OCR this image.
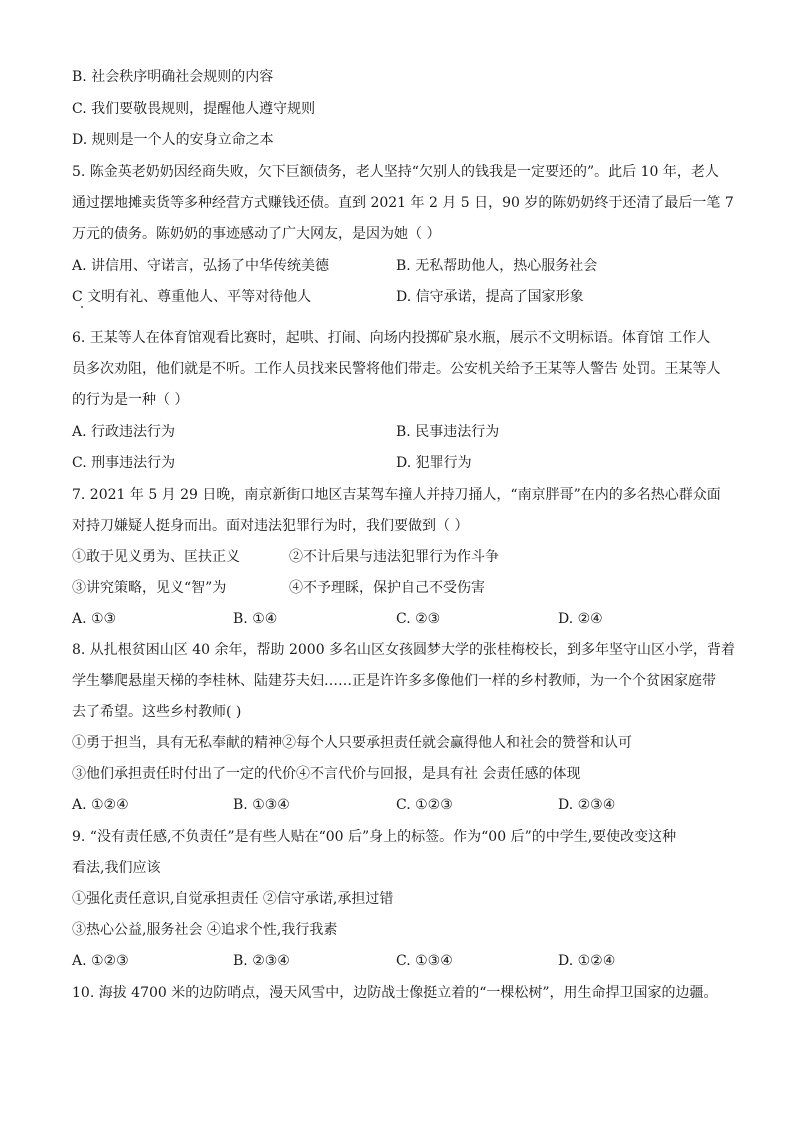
B. 社会秩序明确社会规则的内容
C. 我们要敬畏规则，提醒他人遵守规则
D. 规则是一个人的安身立命之本
5. 陈金英老奶奶因经商失败，欠下巨额债务，老人坚持“欠别人的钱我是一定要还的”。此后 10 年，老人
通过摆地摊卖货等多种经营方式赚钱还债。直到 2021 年 2 月 5 日，90 岁的陈奶奶终于还清了最后一笔 7
万元的债务。陈奶奶的事迹感动了广大网友，是因为她（ ）
A. 讲信用、守诺言，弘扬了中华传统美德	B. 无私帮助他人，热心服务社会
C 文明有礼、尊重他人、平等对待他人	D. 信守承诺，提高了国家形象
6. 王某等人在体育馆观看比赛时，起哄、打闹、向场内投掷矿泉水瓶，展示不文明标语。体育馆 工作人
员多次劝阻，他们就是不听。工作人员找来民警将他们带走。公安机关给予王某等人警告 处罚。王某等人
的行为是一种（ ）
A. 行政违法行为	B. 民事违法行为
C. 刑事违法行为	D. 犯罪行为
7. 2021 年 5 月 29 日晚，南京新街口地区吉某驾车撞人并持刀捅人，“南京胖哥”在内的多名热心群众面
对持刀嫌疑人挺身而出。面对违法犯罪行为时，我们要做到（ ）
①敢于见义勇为、匡扶正义	②不计后果与违法犯罪行为作斗争
③讲究策略，见义“智”为	④不予理睬，保护自己不受伤害
A. ①③	B. ①④	C. ②③	D. ②④
8. 从扎根贫困山区 40 余年，帮助 2000 多名山区女孩圆梦大学的张桂梅校长，到多年坚守山区小学，背着
学生攀爬悬崖天梯的李桂林、陆建芬夫妇……正是许许多多像他们一样的乡村教师，为一个个贫困家庭带
去了希望。这些乡村教师( )
①勇于担当，具有无私奉献的精神②每个人只要承担责任就会赢得他人和社会的赞誉和认可
③他们承担责任时付出了一定的代价④不言代价与回报，是具有社 会责任感的体现
A. ①②④	B. ①③④	C. ①②③	D. ②③④
9. “没有责任感,不负责任”是有些人贴在“00 后”身上的标签。作为“00 后”的中学生,要使改变这种
看法,我们应该
①强化责任意识,自觉承担责任 ②信守承诺,承担过错
③热心公益,服务社会 ④追求个性,我行我素
A. ①②③	B. ②③④	C. ①③④	D. ①②④
10. 海拔 4700 米的边防哨点，漫天风雪中，边防战士像挺立着的“一棵松树”，用生命捍卫国家的边疆。
